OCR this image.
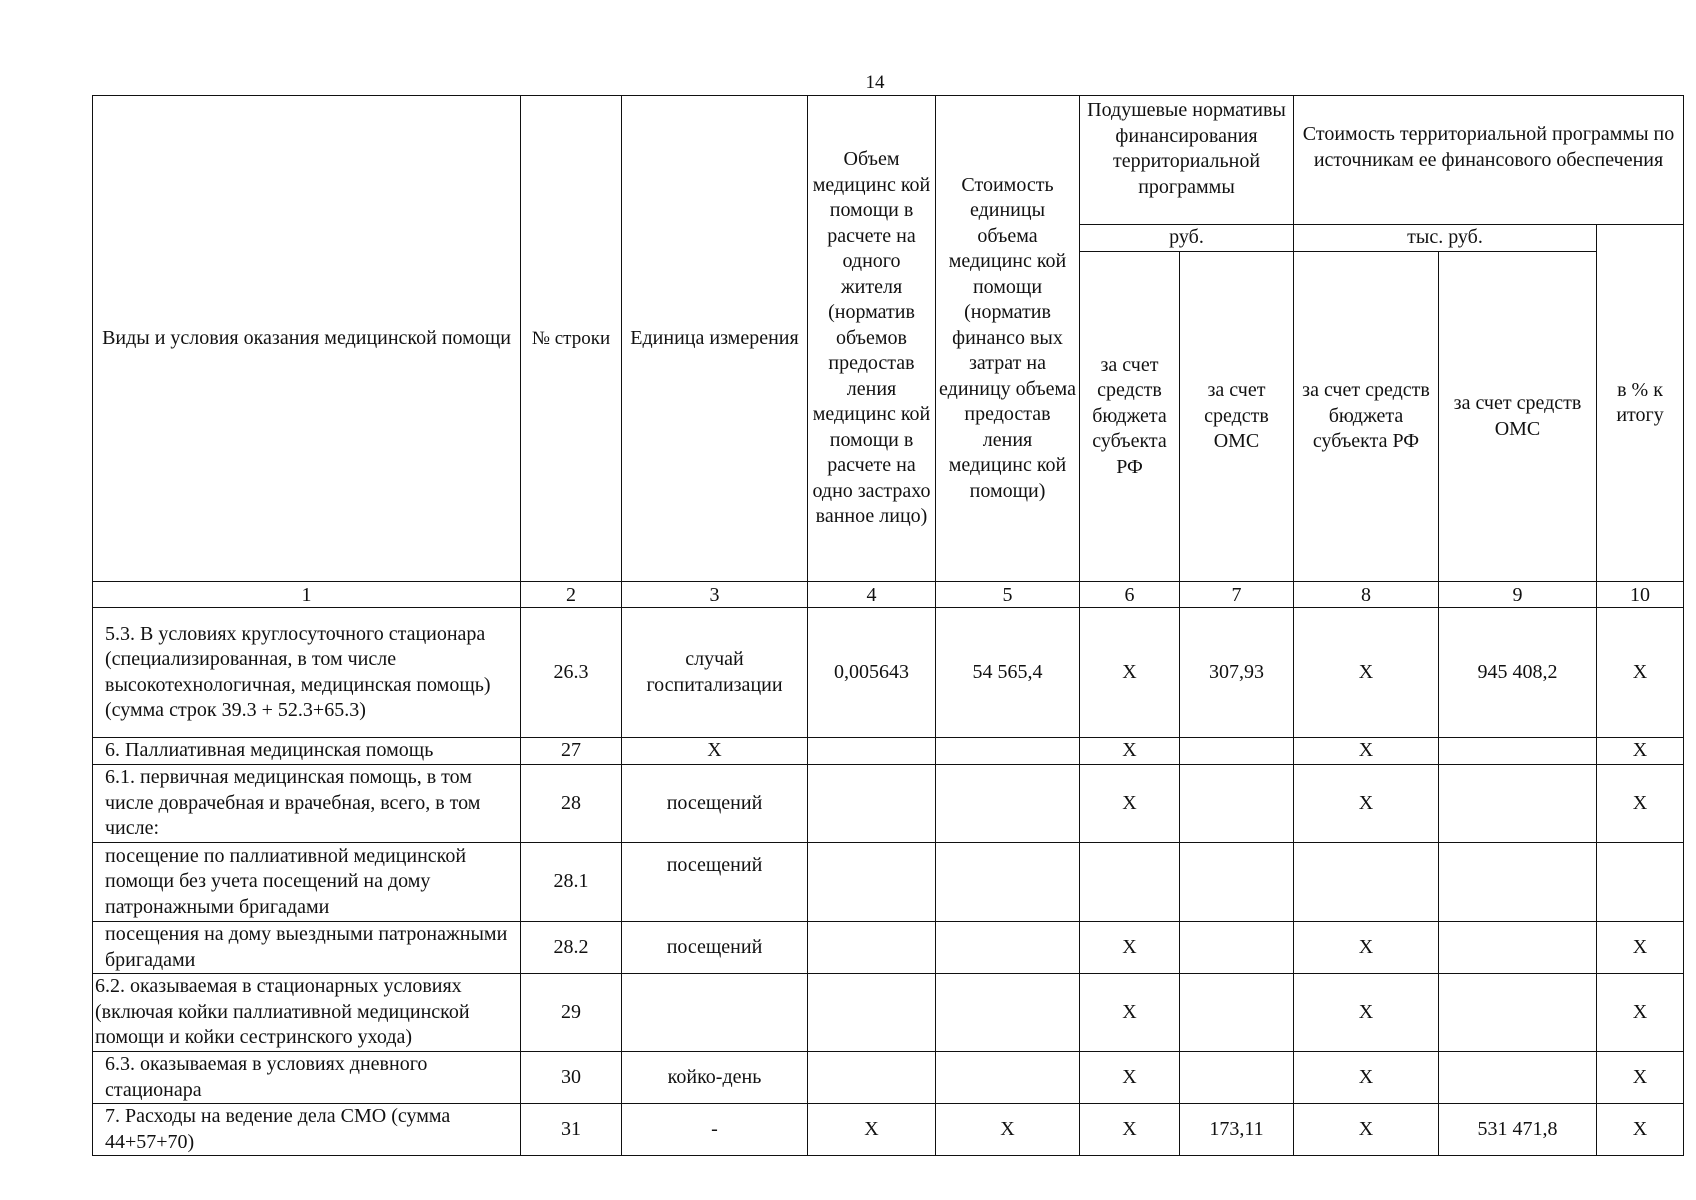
14
Виды и условия оказания медицинской помощи	№ строки	Единица измерения	Объем медицинс кой помощи в расчете на одного жителя (норматив объемов предостав ления медицинс кой помощи в расчете на одно застрахо ванное лицо)	Стоимость единицы объема медицинс кой помощи (норматив финансо вых затрат на единицу объема предостав ления медицинс кой помощи)	Подушевые нормативы финансирования территориальной программы		Стоимость территориальной программы по источникам ее финансового обеспечения		
					руб.		тыс. руб.		в % к итогу
					за счет средств бюджета субъекта РФ	за счет средств ОМС	за счет средств бюджета субъекта РФ	за счет средств ОМС	
1	2	3	4	5	6	7	8	9	10
5.3. В условиях круглосуточного стационара (специализированная, в том числе высокотехнологичная, медицинская помощь) (сумма строк 39.3 + 52.3+65.3)	26.3	случай госпитализации	0,005643	54 565,4	Х	307,93	Х	945 408,2	Х
6. Паллиативная медицинская помощь	27	Х			Х		Х		Х
6.1. первичная медицинская помощь, в том числе доврачебная и врачебная, всего, в том числе:	28	посещений			Х		Х		Х
посещение по паллиативной медицинской помощи без учета посещений на дому патронажными бригадами	28.1	посещений							
посещения на дому выездными патронажными бригадами	28.2	посещений			Х		Х		Х
6.2. оказываемая в стационарных условиях (включая койки паллиативной медицинской помощи и койки сестринского ухода)	29				Х		Х		Х
6.3. оказываемая в условиях дневного стационара	30	койко-день			Х		Х		Х
7. Расходы на ведение дела СМО (сумма 44+57+70)	31	-	Х	Х	Х	173,11	Х	531 471,8	Х
